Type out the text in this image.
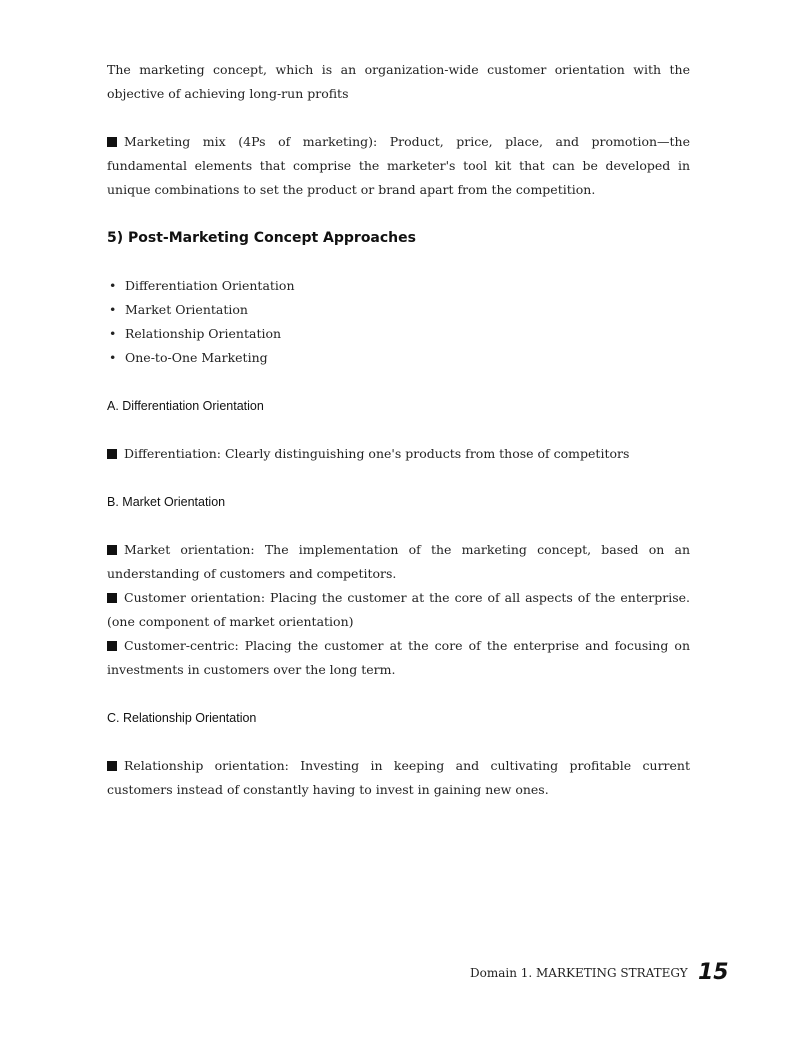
The marketing concept, which is an organization-wide customer orientation with the objective of achieving long-run profits

Marketing mix (4Ps of marketing): Product, price, place, and promotion—the fundamental elements that comprise the marketer's tool kit that can be developed in unique combinations to set the product or brand apart from the competition.

5) Post-Marketing Concept Approaches
• Differentiation Orientation
• Market Orientation
• Relationship Orientation
• One-to-One Marketing
A. Differentiation Orientation

Differentiation: Clearly distinguishing one's products from those of competitors

B. Market Orientation

Market orientation: The implementation of the marketing concept, based on an understanding of customers and competitors.

Customer orientation: Placing the customer at the core of all aspects of the enterprise. (one component of market orientation)

Customer-centric: Placing the customer at the core of the enterprise and focusing on investments in customers over the long term.

C. Relationship Orientation

Relationship orientation: Investing in keeping and cultivating profitable current customers instead of constantly having to invest in gaining new ones.

Domain 1. MARKETING STRATEGY 15
